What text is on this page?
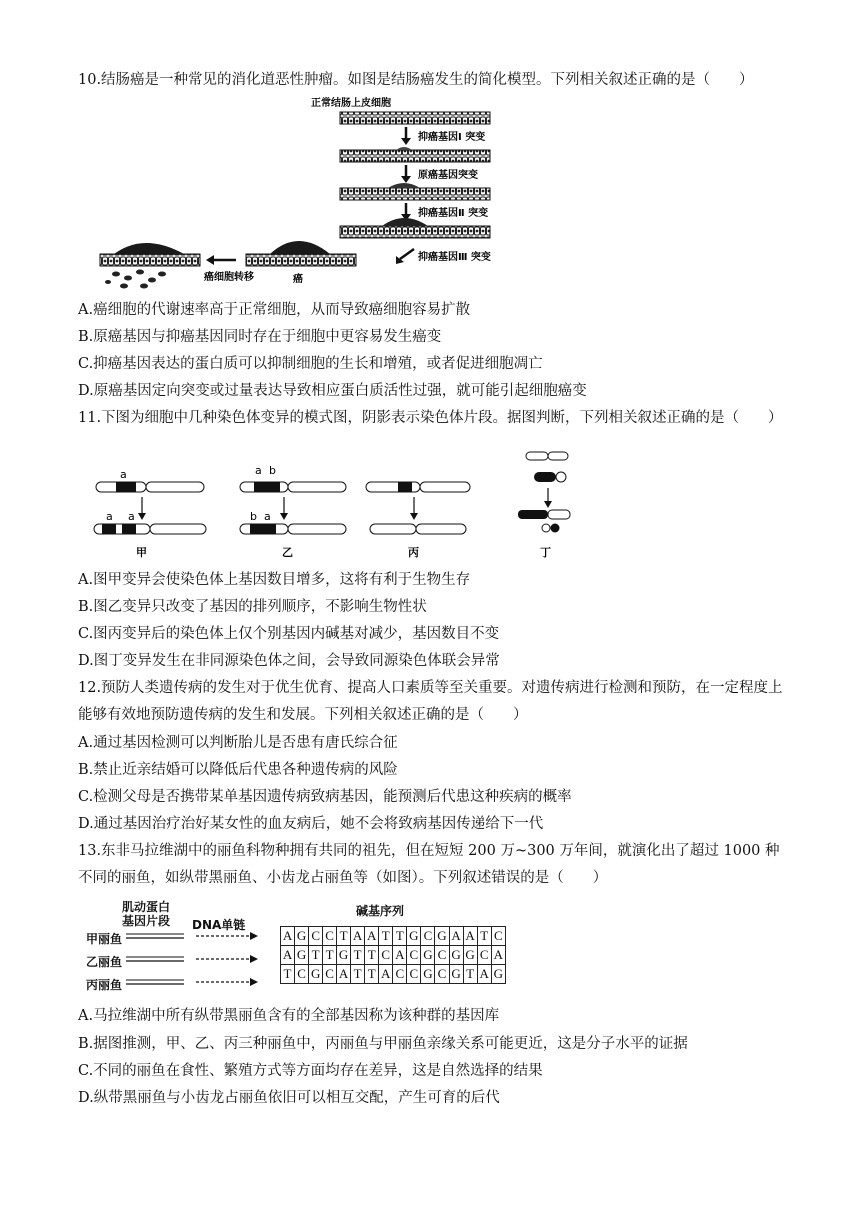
10.结肠癌是一种常见的消化道恶性肿瘤。如图是结肠癌发生的简化模型。下列相关叙述正确的是（　　）
正常结肠上皮细胞
抑癌基因Ⅰ 突变
原癌基因突变
抑癌基因Ⅱ 突变
抑癌基因Ⅲ 突变
癌
癌细胞转移
A.癌细胞的代谢速率高于正常细胞，从而导致癌细胞容易扩散
B.原癌基因与抑癌基因同时存在于细胞中更容易发生癌变
C.抑癌基因表达的蛋白质可以抑制细胞的生长和增殖，或者促进细胞凋亡
D.原癌基因定向突变或过量表达导致相应蛋白质活性过强，就可能引起细胞癌变
11.下图为细胞中几种染色体变异的模式图，阴影表示染色体片段。据图判断，下列相关叙述正确的是（　　）
a
a a
甲
a b
b a
乙	丙	丁
A.图甲变异会使染色体上基因数目增多，这将有利于生物生存
B.图乙变异只改变了基因的排列顺序，不影响生物性状
C.图丙变异后的染色体上仅个别基因内碱基对减少，基因数目不变
D.图丁变异发生在非同源染色体之间，会导致同源染色体联会异常
12.预防人类遗传病的发生对于优生优育、提高人口素质等至关重要。对遗传病进行检测和预防，在一定程度上能够有效地预防遗传病的发生和发展。下列相关叙述正确的是（　　）
A.通过基因检测可以判断胎儿是否患有唐氏综合征
B.禁止近亲结婚可以降低后代患各种遗传病的风险
C.检测父母是否携带某单基因遗传病致病基因，能预测后代患这种疾病的概率
D.通过基因治疗治好某女性的血友病后，她不会将致病基因传递给下一代
13.东非马拉维湖中的丽鱼科物种拥有共同的祖先，但在短短 200 万~300 万年间，就演化出了超过 1000 种不同的丽鱼，如纵带黑丽鱼、小齿龙占丽鱼等（如图）。下列叙述错误的是（　　）
肌动蛋白
基因片段	DNA单链
碱基序列
甲丽鱼
乙丽鱼
丙丽鱼
A	G	C	C	T	A	A	T	T	G	C	G	A	A	T	C
A	G	T	T	G	T	T	C	A	C	G	C	G	G	C	A
T	C	G	C	A	T	T	A	C	C	G	C	G	T	A	G
A.马拉维湖中所有纵带黑丽鱼含有的全部基因称为该种群的基因库
B.据图推测，甲、乙、丙三种丽鱼中，丙丽鱼与甲丽鱼亲缘关系可能更近，这是分子水平的证据
C.不同的丽鱼在食性、繁殖方式等方面均存在差异，这是自然选择的结果
D.纵带黑丽鱼与小齿龙占丽鱼依旧可以相互交配，产生可育的后代
